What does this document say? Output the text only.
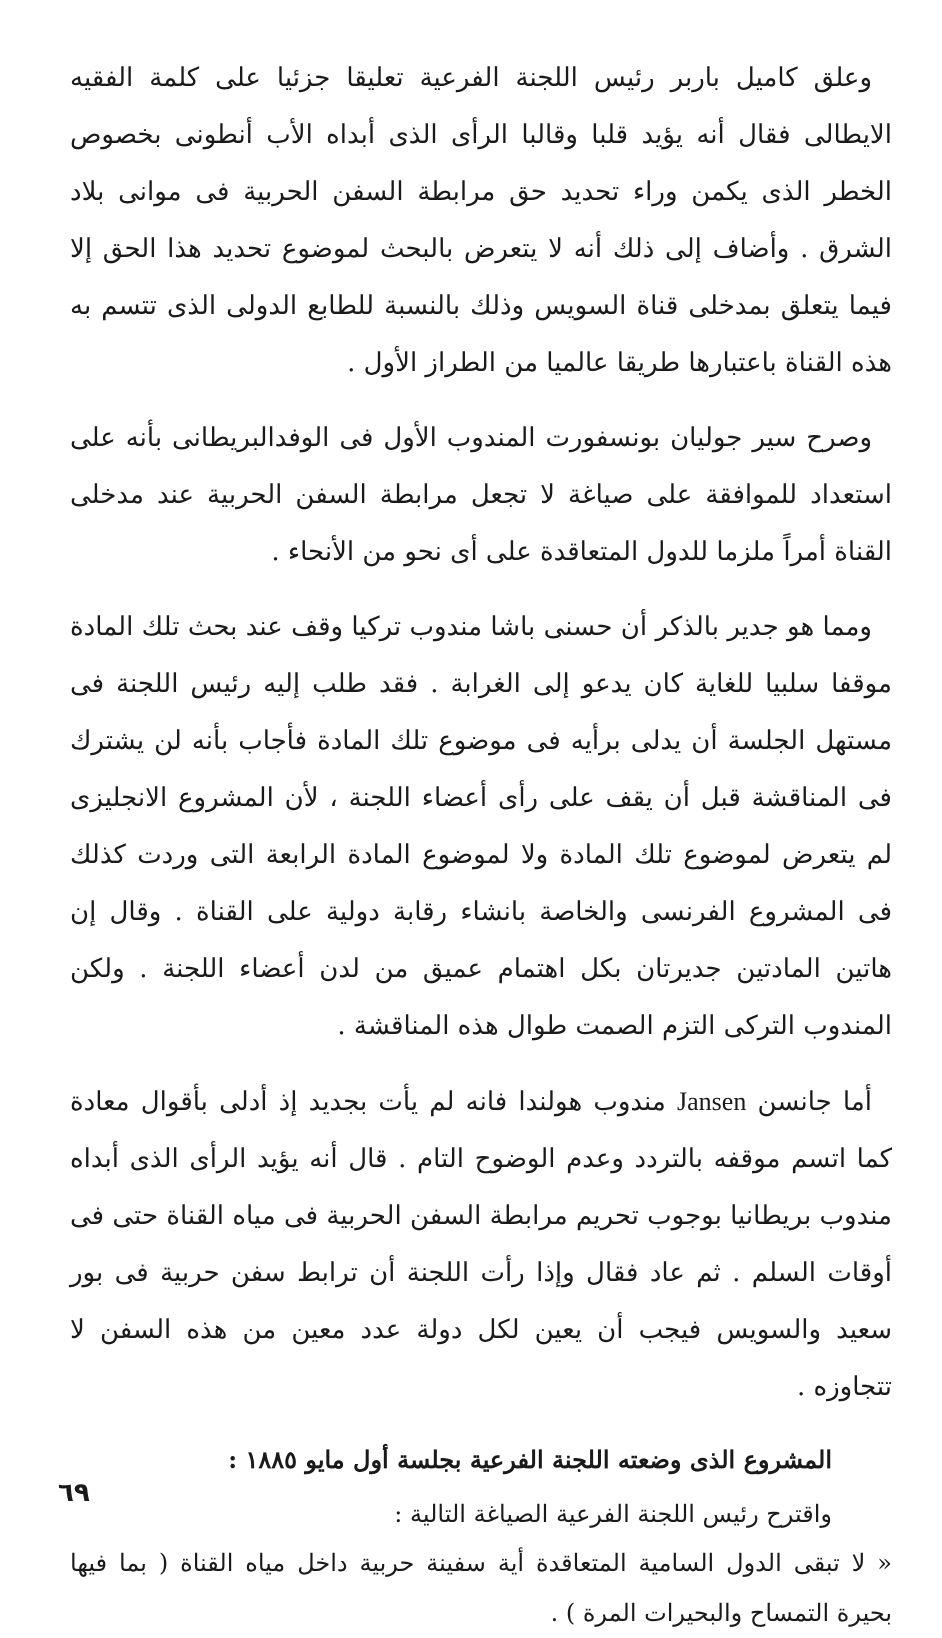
وعلق كاميل باربر رئيس اللجنة الفرعية تعليقا جزئيا على كلمة الفقيه الايطالى فقال أنه يؤيد قلبا وقالبا الرأى الذى أبداه الأب أنطونى بخصوص الخطر الذى يكمن وراء تحديد حق مرابطة السفن الحربية فى موانى بلاد الشرق . وأضاف إلى ذلك أنه لا يتعرض بالبحث لموضوع تحديد هذا الحق إلا فيما يتعلق بمدخلى قناة السويس وذلك بالنسبة للطابع الدولى الذى تتسم به هذه القناة باعتبارها طريقا عالميا من الطراز الأول .

وصرح سير جوليان بونسفورت المندوب الأول فى الوفدالبريطانى بأنه على استعداد للموافقة على صياغة لا تجعل مرابطة السفن الحربية عند مدخلى القناة أمراً ملزما للدول المتعاقدة على أى نحو من الأنحاء .

ومما هو جدير بالذكر أن حسنى باشا مندوب تركيا وقف عند بحث تلك المادة موقفا سلبيا للغاية كان يدعو إلى الغرابة . فقد طلب إليه رئيس اللجنة فى مستهل الجلسة أن يدلى برأيه فى موضوع تلك المادة فأجاب بأنه لن يشترك فى المناقشة قبل أن يقف على رأى أعضاء اللجنة ، لأن المشروع الانجليزى لم يتعرض لموضوع تلك المادة ولا لموضوع المادة الرابعة التى وردت كذلك فى المشروع الفرنسى والخاصة بانشاء رقابة دولية على القناة . وقال إن هاتين المادتين جديرتان بكل اهتمام عميق من لدن أعضاء اللجنة . ولكن المندوب التركى التزم الصمت طوال هذه المناقشة .

أما جانسن Jansen مندوب هولندا فانه لم يأت بجديد إذ أدلى بأقوال معادة كما اتسم موقفه بالتردد وعدم الوضوح التام . قال أنه يؤيد الرأى الذى أبداه مندوب بريطانيا بوجوب تحريم مرابطة السفن الحربية فى مياه القناة حتى فى أوقات السلم . ثم عاد فقال وإذا رأت اللجنة أن ترابط سفن حربية فى بور سعيد والسويس فيجب أن يعين لكل دولة عدد معين من هذه السفن لا تتجاوزه .

المشروع الذى وضعته اللجنة الفرعية بجلسة أول مايو ١٨٨٥ :

واقترح رئيس اللجنة الفرعية الصياغة التالية :

« لا تبقى الدول السامية المتعاقدة أية سفينة حربية داخل مياه القناة ( بما فيها بحيرة التمساح والبحيرات المرة ) .

٦٩
